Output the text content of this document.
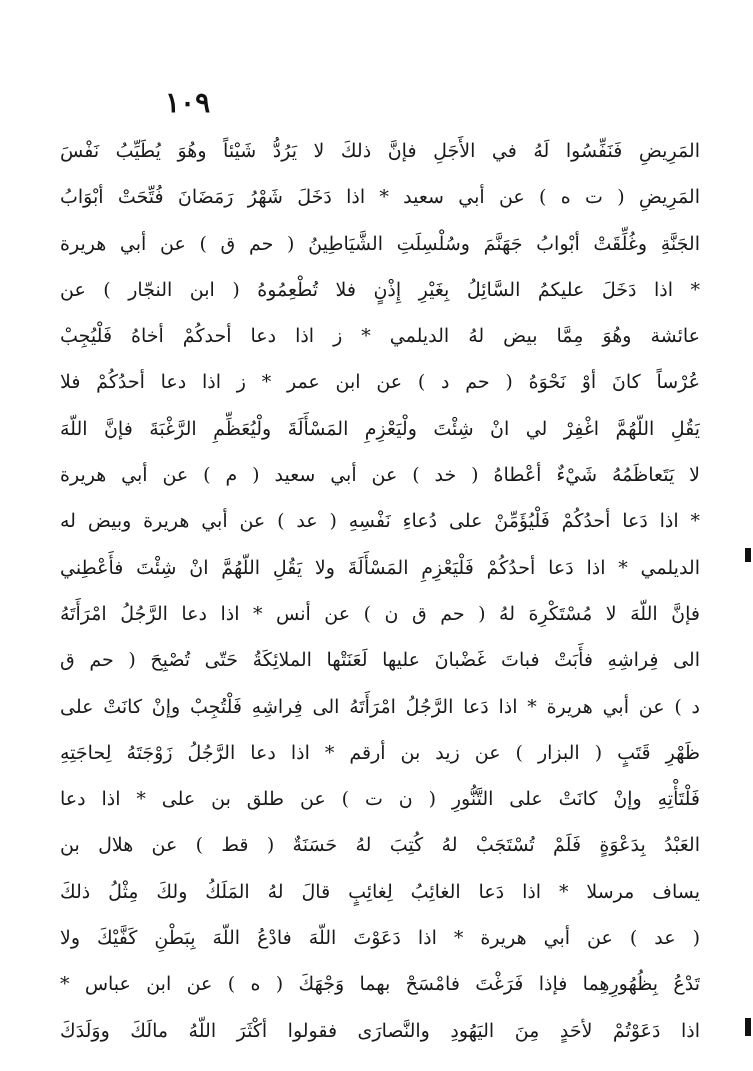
١٠٩
المَرِيضِ فَنَفِّسُوا لَهُ في الأَجَلِ فإنَّ ذلكَ لا يَرُدُّ شَيْئاً وهُوَ يُطَيِّبُ نَفْسَ
المَرِيضِ ( ت ه ) عن أبي سعيد * اذا دَخَلَ شَهْرُ رَمَضَانَ فُتِّحَتْ أبْوَابُ
الجَنَّةِ وغُلِّقَتْ أبْوابُ جَهَنَّمَ وسُلْسِلَتِ الشَّيَاطِينُ ( حم ق ) عن أبي هريرة
* اذا دَخَلَ عليكمُ السَّائِلُ بِغَيْرِ إِذْنٍ فلا تُطْعِمُوهُ ( ابن النجّار ) عن
عائشة وهُوَ مِمَّا بيض لهُ الديلمي * ز اذا دعا أحدكُمْ أخاهُ فَلْيُجِبْ
عُرْساً كانَ أوْ نَحْوَهُ ( حم د ) عن ابن عمر * ز اذا دعا أحدُكُمْ فلا
يَقُلِ اللّهُمَّ اغْفِرْ لي انْ شِئْتَ ولْيَعْزِمِ المَسْأَلَةَ ولْيُعَظِّمِ الرَّغْبَةَ فإنَّ اللّهَ
لا يَتَعاظَمُهُ شَيْءٌ أعْطاهُ ( خد ) عن أبي سعيد ( م ) عن أبي هريرة
* اذا دَعا أحدُكُمْ فَلْيُؤَمِّنْ على دُعاءِ نَفْسِهِ ( عد ) عن أبي هريرة وبيض له
الديلمي * اذا دَعا أحدُكُمْ فَلْيَعْزِمِ المَسْأَلَةَ ولا يَقُلِ اللّهُمَّ انْ شِئْتَ فأَعْطِني
فإنَّ اللّهَ لا مُسْتَكْرِهَ لهُ ( حم ق ن ) عن أنس * اذا دعا الرَّجُلُ امْرَأَتَهُ
الى فِراشِهِ فأَبَتْ فباتَ غَضْبانَ عليها لَعَنَتْها الملائِكَةُ حَتّى تُصْبِحَ ( حم ق
د ) عن أبي هريرة * اذا دَعا الرَّجُلُ امْرَأَتَهُ الى فِراشِهِ فَلْتُجِبْ وإنْ كانَتْ على
ظَهْرِ قَتَبٍ ( البزار ) عن زيد بن أرقم * اذا دعا الرَّجُلُ زَوْجَتَهُ لِحاجَتِهِ
فَلْتَأْتِهِ وإنْ كانَتْ على التَّنُّورِ ( ن ت ) عن طلق بن على * اذا دعا
العَبْدُ بِدَعْوَةٍ فَلَمْ تُسْتَجَبْ لهُ كُتِبَ لهُ حَسَنَةٌ ( قط ) عن هلال بن
يساف مرسلا * اذا دَعا الغائِبُ لِغائِبٍ قالَ لهُ المَلَكُ ولكَ مِثْلُ ذلكَ
( عد ) عن أبي هريرة * اذا دَعَوْتَ اللّهَ فادْعُ اللّهَ بِبَطْنِ كَفَّيْكَ ولا
تَدْعُ بِظُهُورِهِما فإذا فَرَغْتَ فامْسَحْ بهما وَجْهَكَ ( ه ) عن ابن عباس *
اذا دَعَوْتُمْ لأحَدٍ مِنَ اليَهُودِ والنَّصارَى فقولوا أكْثَرَ اللّهُ مالَكَ ووَلَدَكَ
